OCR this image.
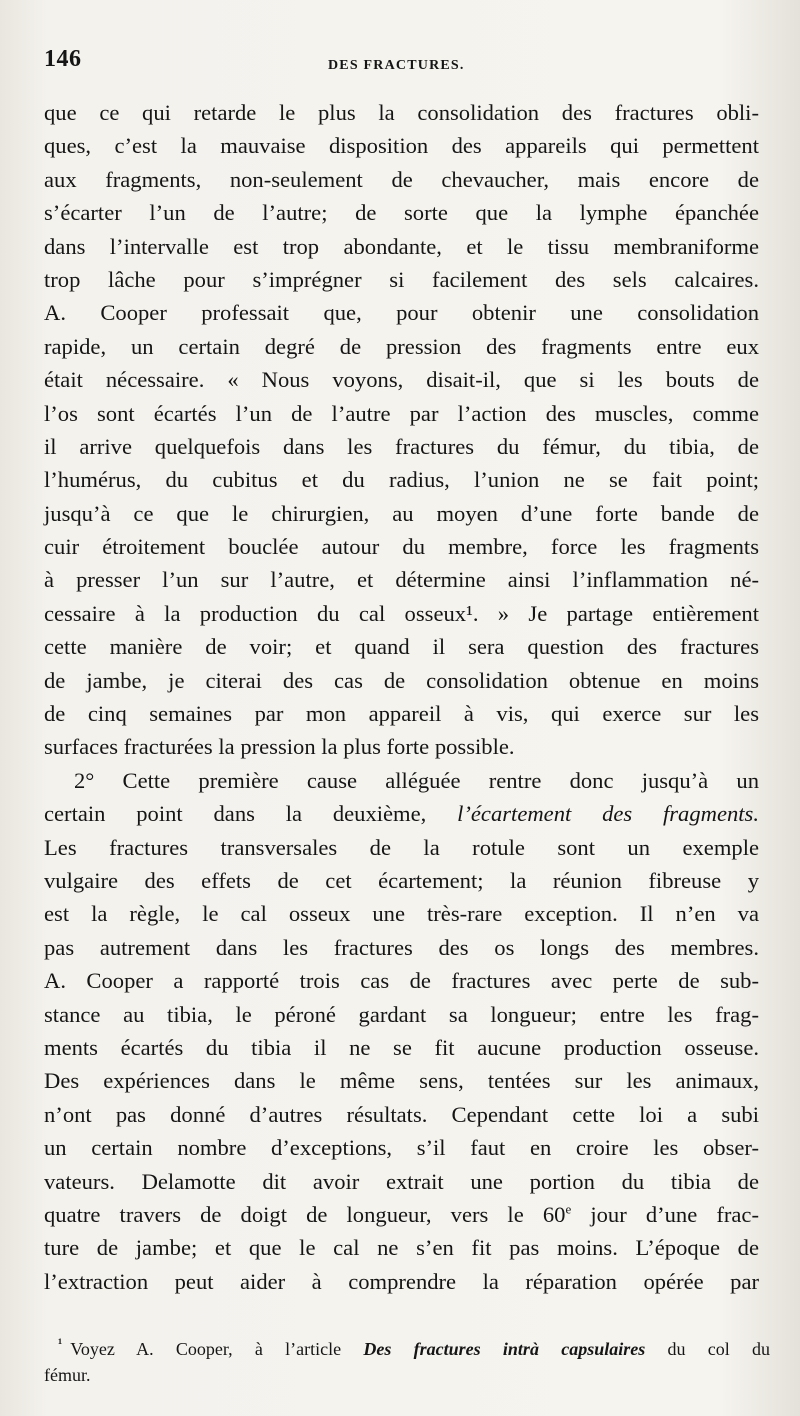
146	DES FRACTURES.
que ce qui retarde le plus la consolidation des fractures obli-
ques, c’est la mauvaise disposition des appareils qui permettent
aux fragments, non-seulement de chevaucher, mais encore de
s’écarter l’un de l’autre; de sorte que la lymphe épanchée
dans l’intervalle est trop abondante, et le tissu membraniforme
trop lâche pour s’imprégner si facilement des sels calcaires.
A. Cooper professait que, pour obtenir une consolidation
rapide, un certain degré de pression des fragments entre eux
était nécessaire. « Nous voyons, disait-il, que si les bouts de
l’os sont écartés l’un de l’autre par l’action des muscles, comme
il arrive quelquefois dans les fractures du fémur, du tibia, de
l’humérus, du cubitus et du radius, l’union ne se fait point;
jusqu’à ce que le chirurgien, au moyen d’une forte bande de
cuir étroitement bouclée autour du membre, force les fragments
à presser l’un sur l’autre, et détermine ainsi l’inflammation né-
cessaire à la production du cal osseux¹. » Je partage entièrement
cette manière de voir; et quand il sera question des fractures
de jambe, je citerai des cas de consolidation obtenue en moins
de cinq semaines par mon appareil à vis, qui exerce sur les
surfaces fracturées la pression la plus forte possible.
2° Cette première cause alléguée rentre donc jusqu’à un
certain point dans la deuxième, l’écartement des fragments.
Les fractures transversales de la rotule sont un exemple
vulgaire des effets de cet écartement; la réunion fibreuse y
est la règle, le cal osseux une très-rare exception. Il n’en va
pas autrement dans les fractures des os longs des membres.
A. Cooper a rapporté trois cas de fractures avec perte de sub-
stance au tibia, le péroné gardant sa longueur; entre les frag-
ments écartés du tibia il ne se fit aucune production osseuse.
Des expériences dans le même sens, tentées sur les animaux,
n’ont pas donné d’autres résultats. Cependant cette loi a subi
un certain nombre d’exceptions, s’il faut en croire les obser-
vateurs. Delamotte dit avoir extrait une portion du tibia de
quatre travers de doigt de longueur, vers le 60e jour d’une frac-
ture de jambe; et que le cal ne s’en fit pas moins. L’époque de
l’extraction peut aider à comprendre la réparation opérée par
$^{^1}$ Voyez A. Cooper, à l’article Des fractures intrà capsulaires du col du
fémur.
